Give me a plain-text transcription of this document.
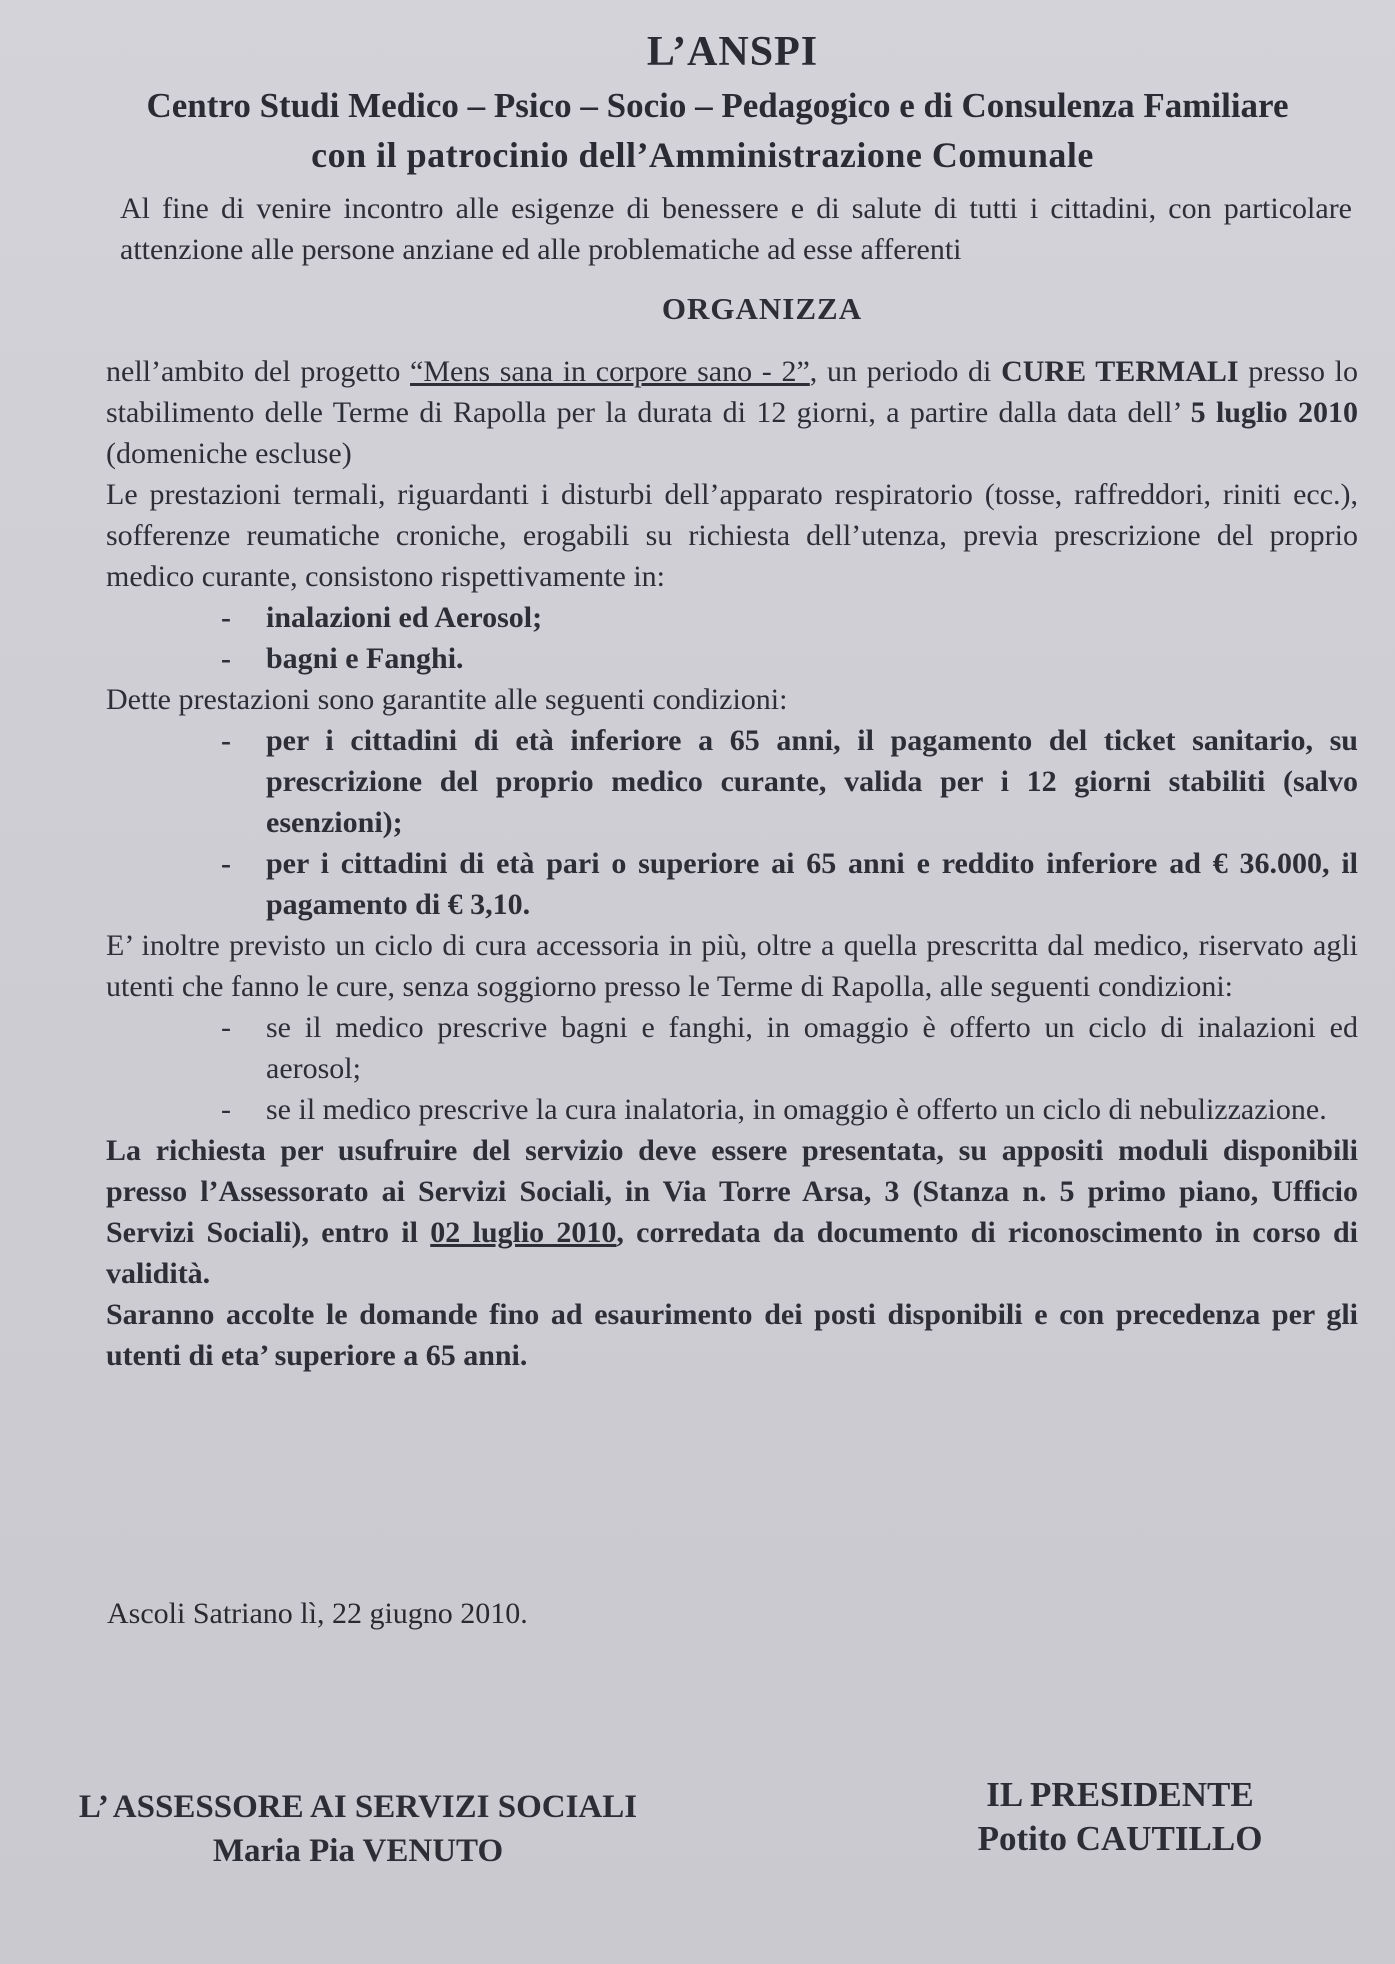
L’ANSPI
Centro Studi Medico – Psico – Socio – Pedagogico e di Consulenza Familiare
con il patrocinio dell’Amministrazione Comunale

Al fine di venire incontro alle esigenze di benessere e di salute di tutti i cittadini, con particolare attenzione alle persone anziane ed alle problematiche ad esse afferenti

ORGANIZZA

nell’ambito del progetto “Mens sana in corpore sano - 2”, un periodo di CURE TERMALI presso lo stabilimento delle Terme di Rapolla per la durata di 12 giorni, a partire dalla data dell’ 5 luglio 2010 (domeniche escluse)

Le prestazioni termali, riguardanti i disturbi dell’apparato respiratorio (tosse, raffreddori, riniti ecc.), sofferenze reumatiche croniche, erogabili su richiesta dell’utenza, previa prescrizione del proprio medico curante, consistono rispettivamente in:

- inalazioni ed Aerosol;
- bagni e Fanghi.

Dette prestazioni sono garantite alle seguenti condizioni:

- per i cittadini di età inferiore a 65 anni, il pagamento del ticket sanitario, su prescrizione del proprio medico curante, valida per i 12 giorni stabiliti (salvo esenzioni);
- per i cittadini di età pari o superiore ai 65 anni e reddito inferiore ad € 36.000, il pagamento di € 3,10.

E’ inoltre previsto un ciclo di cura accessoria in più, oltre a quella prescritta dal medico, riservato agli utenti che fanno le cure, senza soggiorno presso le Terme di Rapolla, alle seguenti condizioni:

- se il medico prescrive bagni e fanghi, in omaggio è offerto un ciclo di inalazioni ed aerosol;
- se il medico prescrive la cura inalatoria, in omaggio è offerto un ciclo di nebulizzazione.

La richiesta per usufruire del servizio deve essere presentata, su appositi moduli disponibili presso l’Assessorato ai Servizi Sociali, in Via Torre Arsa, 3 (Stanza n. 5 primo piano, Ufficio Servizi Sociali), entro il 02 luglio 2010, corredata da documento di riconoscimento in corso di validità.

Saranno accolte le domande fino ad esaurimento dei posti disponibili e con precedenza per gli utenti di eta’ superiore a 65 anni.

Ascoli Satriano lì, 22 giugno 2010.
L’ ASSESSORE AI SERVIZI SOCIALI
Maria Pia VENUTO
IL PRESIDENTE
Potito CAUTILLO
